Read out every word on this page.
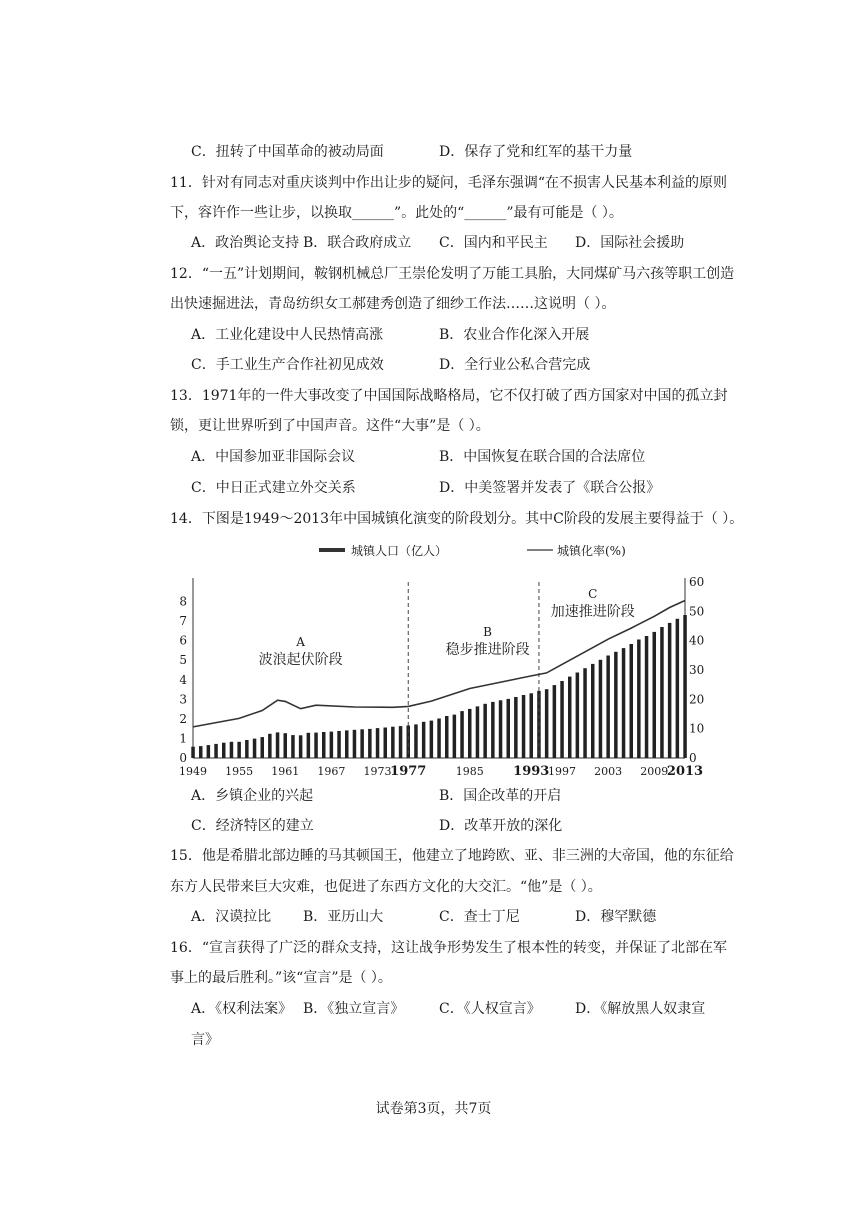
C．扭转了中国革命的被动局面	D．保存了党和红军的基干力量
11．针对有同志对重庆谈判中作出让步的疑问，毛泽东强调“在不损害人民基本利益的原则
下，容许作一些让步，以换取______”。此处的“______”最有可能是（ ）。
A．政治舆论支持 B．联合政府成立 C．国内和平民主 D．国际社会援助
12．“一五”计划期间，鞍钢机械总厂王崇伦发明了万能工具胎，大同煤矿马六孩等职工创造
出快速掘进法，青岛纺织女工郝建秀创造了细纱工作法……这说明（ ）。
A．工业化建设中人民热情高涨	B．农业合作化深入开展
C．手工业生产合作社初见成效	D．全行业公私合营完成
13．1971年的一件大事改变了中国国际战略格局，它不仅打破了西方国家对中国的孤立封
锁，更让世界听到了中国声音。这件“大事”是（ ）。
A．中国参加亚非国际会议	B．中国恢复在联合国的合法席位
C．中日正式建立外交关系	D．中美签署并发表了《联合公报》
14．下图是1949～2013年中国城镇化演变的阶段划分。其中C阶段的发展主要得益于（ ）。
城镇人口（亿人）	城镇化率(%)
A
波浪起伏阶段
B
稳步推进阶段
C
加速推进阶段
0
1
2
3
4
5
6
7
8
0
10
20
30
40
50
60
1949 1955 1961 1967 1973
1977	1985 1993
1997 2003 2009
2013
A．乡镇企业的兴起	B．国企改革的开启
C．经济特区的建立	D．改革开放的深化
15．他是希腊北部边睡的马其顿国王，他建立了地跨欧、亚、非三洲的大帝国，他的东征给
东方人民带来巨大灾难，也促进了东西方文化的大交汇。“他”是（ ）。
A．汉谟拉比 B．亚历山大	C．查士丁尼	D．穆罕默德
16．“宣言获得了广泛的群众支持，这让战争形势发生了根本性的转变，并保证了北部在军
事上的最后胜利。”该“宣言”是（ ）。
A．《权利法案》 B．《独立宣言》 C．《人权宣言》 D．《解放黑人奴隶宣
言》
试卷第3页，共7页
